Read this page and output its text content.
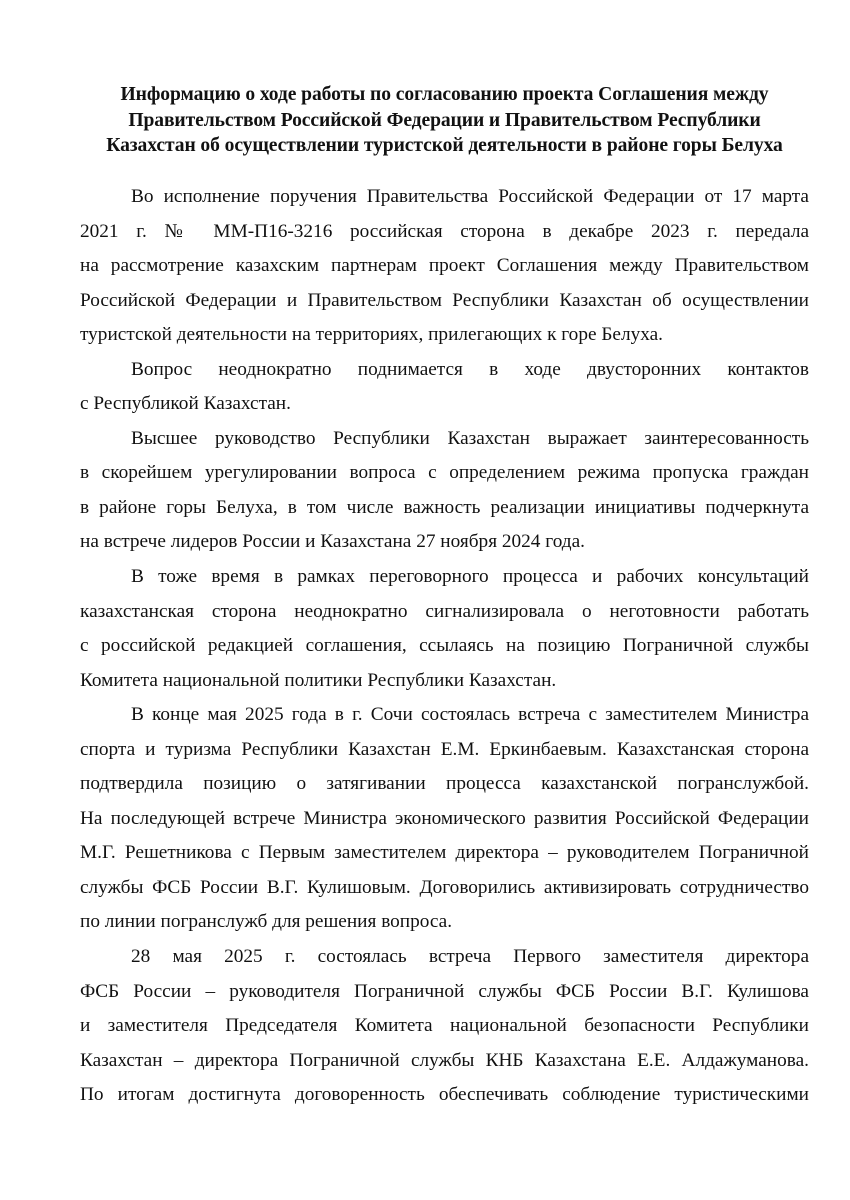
Информацию о ходе работы по согласованию проекта Соглашения между
Правительством Российской Федерации и Правительством Республики
Казахстан об осуществлении туристской деятельности в районе горы Белуха
Во исполнение поручения Правительства Российской Федерации от 17 марта
2021 г. № ММ-П16-3216 российская сторона в декабре 2023 г. передала
на рассмотрение казахским партнерам проект Соглашения между Правительством
Российской Федерации и Правительством Республики Казахстан об осуществлении
туристской деятельности на территориях, прилегающих к горе Белуха.
Вопрос неоднократно поднимается в ходе двусторонних контактов
с Республикой Казахстан.
Высшее руководство Республики Казахстан выражает заинтересованность
в скорейшем урегулировании вопроса с определением режима пропуска граждан
в районе горы Белуха, в том числе важность реализации инициативы подчеркнута
на встрече лидеров России и Казахстана 27 ноября 2024 года.
В тоже время в рамках переговорного процесса и рабочих консультаций
казахстанская сторона неоднократно сигнализировала о неготовности работать
с российской редакцией соглашения, ссылаясь на позицию Пограничной службы
Комитета национальной политики Республики Казахстан.
В конце мая 2025 года в г. Сочи состоялась встреча с заместителем Министра
спорта и туризма Республики Казахстан Е.М. Еркинбаевым. Казахстанская сторона
подтвердила позицию о затягивании процесса казахстанской погранслужбой.
На последующей встрече Министра экономического развития Российской Федерации
М.Г. Решетникова с Первым заместителем директора – руководителем Пограничной
службы ФСБ России В.Г. Кулишовым. Договорились активизировать сотрудничество
по линии погранслужб для решения вопроса.
28 мая 2025 г. состоялась встреча Первого заместителя директора
ФСБ России – руководителя Пограничной службы ФСБ России В.Г. Кулишова
и заместителя Председателя Комитета национальной безопасности Республики
Казахстан – директора Пограничной службы КНБ Казахстана Е.Е. Алдажуманова.
По итогам достигнута договоренность обеспечивать соблюдение туристическими
